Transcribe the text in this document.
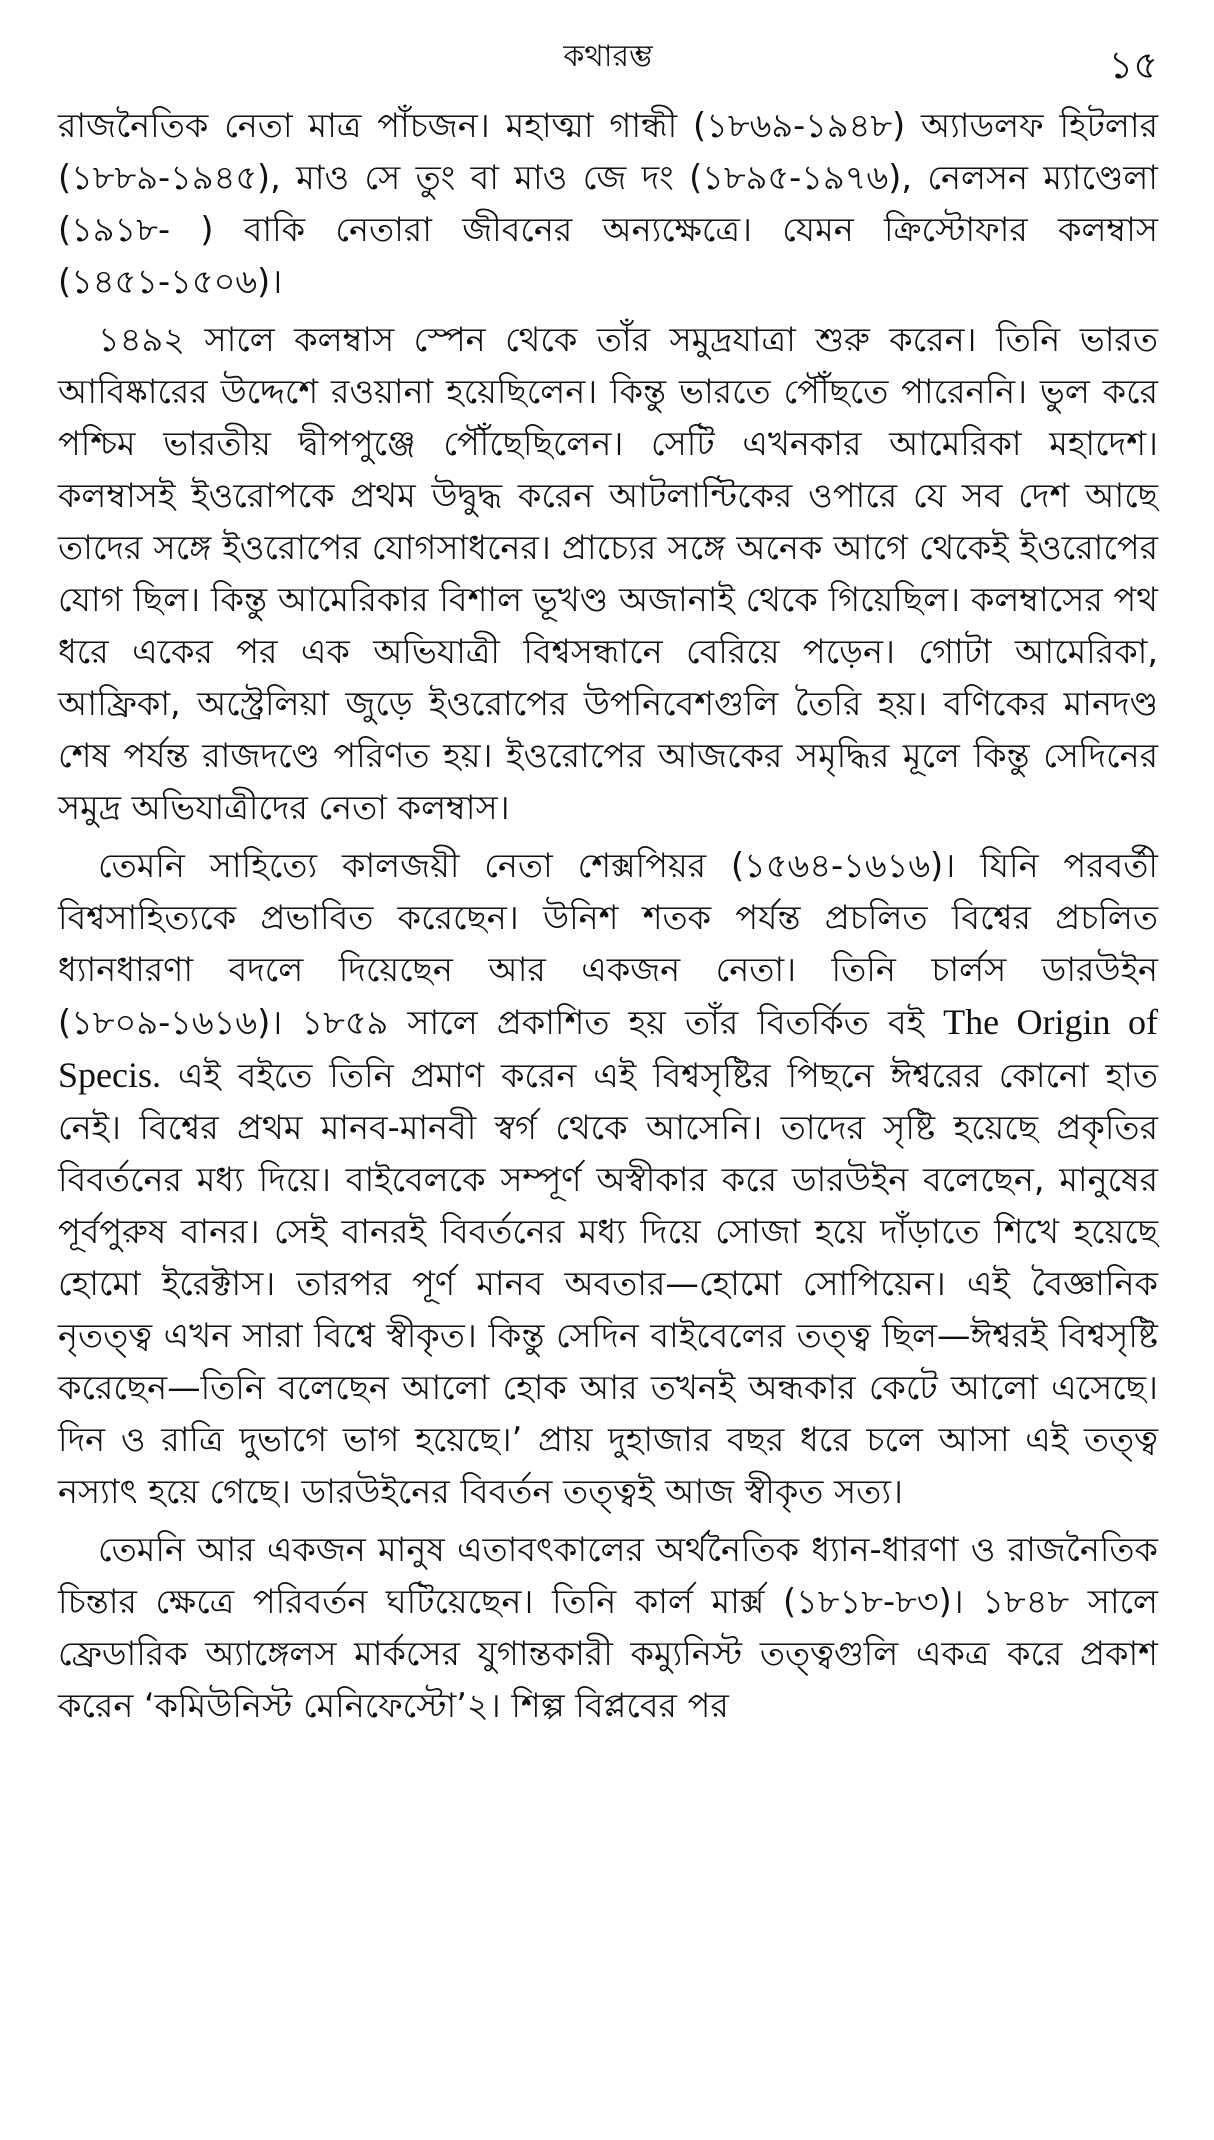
কথারম্ভ	১৫

রাজনৈতিক নেতা মাত্র পাঁচজন। মহাত্মা গান্ধী (১৮৬৯-১৯৪৮) অ্যাডলফ হিটলার (১৮৮৯-১৯৪৫), মাও সে তুং বা মাও জে দং (১৮৯৫-১৯৭৬), নেলসন ম্যাণ্ডেলা (১৯১৮- ) বাকি নেতারা জীবনের অন্যক্ষেত্রে। যেমন ক্রিস্টোফার কলম্বাস (১৪৫১-১৫০৬)।

১৪৯২ সালে কলম্বাস স্পেন থেকে তাঁর সমুদ্রযাত্রা শুরু করেন। তিনি ভারত আবিষ্কারের উদ্দেশে রওয়ানা হয়েছিলেন। কিন্তু ভারতে পৌঁছতে পারেননি। ভুল করে পশ্চিম ভারতীয় দ্বীপপুঞ্জে পৌঁছেছিলেন। সেটি এখনকার আমেরিকা মহাদেশ। কলম্বাসই ইওরোপকে প্রথম উদ্বুদ্ধ করেন আটলান্টিকের ওপারে যে সব দেশ আছে তাদের সঙ্গে ইওরোপের যোগসাধনের। প্রাচ্যের সঙ্গে অনেক আগে থেকেই ইওরোপের যোগ ছিল। কিন্তু আমেরিকার বিশাল ভূখণ্ড অজানাই থেকে গিয়েছিল। কলম্বাসের পথ ধরে একের পর এক অভিযাত্রী বিশ্বসন্ধানে বেরিয়ে পড়েন। গোটা আমেরিকা, আফ্রিকা, অস্ট্রেলিয়া জুড়ে ইওরোপের উপনিবেশগুলি তৈরি হয়। বণিকের মানদণ্ড শেষ পর্যন্ত রাজদণ্ডে পরিণত হয়। ইওরোপের আজকের সমৃদ্ধির মূলে কিন্তু সেদিনের সমুদ্র অভিযাত্রীদের নেতা কলম্বাস।

তেমনি সাহিত্যে কালজয়ী নেতা শেক্সপিয়র (১৫৬৪-১৬১৬)। যিনি পরবর্তী বিশ্বসাহিত্যকে প্রভাবিত করেছেন। উনিশ শতক পর্যন্ত প্রচলিত বিশ্বের প্রচলিত ধ্যানধারণা বদলে দিয়েছেন আর একজন নেতা। তিনি চার্লস ডারউইন (১৮০৯-১৬১৬)। ১৮৫৯ সালে প্রকাশিত হয় তাঁর বিতর্কিত বই The Origin of Specis. এই বইতে তিনি প্রমাণ করেন এই বিশ্বসৃষ্টির পিছনে ঈশ্বরের কোনো হাত নেই। বিশ্বের প্রথম মানব-মানবী স্বর্গ থেকে আসেনি। তাদের সৃষ্টি হয়েছে প্রকৃতির বিবর্তনের মধ্য দিয়ে। বাইবেলকে সম্পূর্ণ অস্বীকার করে ডারউইন বলেছেন, মানুষের পূর্বপুরুষ বানর। সেই বানরই বিবর্তনের মধ্য দিয়ে সোজা হয়ে দাঁড়াতে শিখে হয়েছে হোমো ইরেক্টাস। তারপর পূর্ণ মানব অবতার—হোমো সোপিয়েন। এই বৈজ্ঞানিক নৃতত্ত্ব এখন সারা বিশ্বে স্বীকৃত। কিন্তু সেদিন বাইবেলের তত্ত্ব ছিল—ঈশ্বরই বিশ্বসৃষ্টি করেছেন—তিনি বলেছেন আলো হোক আর তখনই অন্ধকার কেটে আলো এসেছে। দিন ও রাত্রি দুভাগে ভাগ হয়েছে।’ প্রায় দুহাজার বছর ধরে চলে আসা এই তত্ত্ব নস্যাৎ হয়ে গেছে। ডারউইনের বিবর্তন তত্ত্বই আজ স্বীকৃত সত্য।

তেমনি আর একজন মানুষ এতাবৎকালের অর্থনৈতিক ধ্যান-ধারণা ও রাজনৈতিক চিন্তার ক্ষেত্রে পরিবর্তন ঘটিয়েছেন। তিনি কার্ল মার্ক্স (১৮১৮-৮৩)। ১৮৪৮ সালে ফ্রেডারিক অ্যাঙ্গেলস মার্কসের যুগান্তকারী কম্যুনিস্ট তত্ত্বগুলি একত্র করে প্রকাশ করেন ‘কমিউনিস্ট মেনিফেস্টো’২। শিল্প বিপ্লবের পর
